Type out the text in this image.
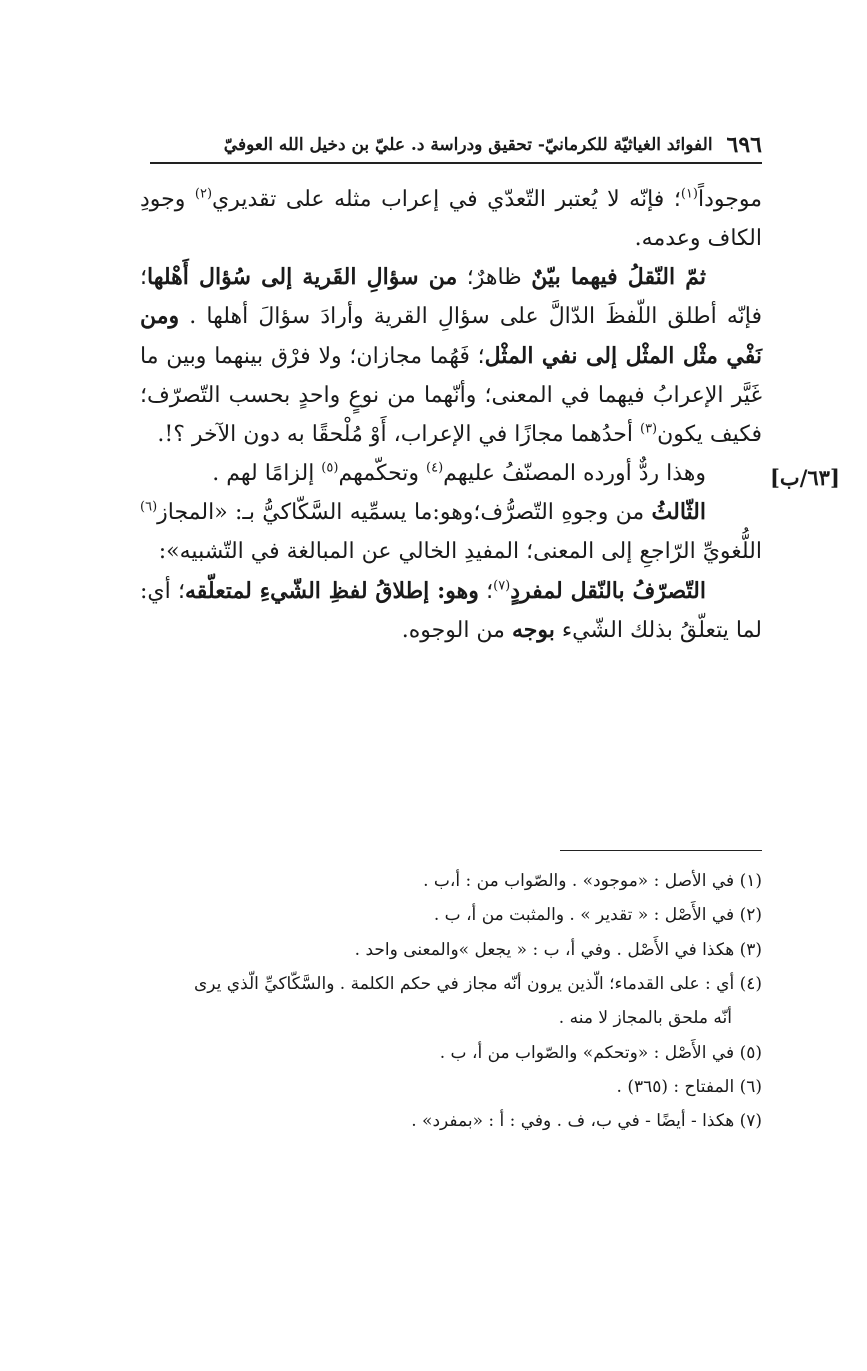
٦٩٦
الفوائد الغياثيّة للكرمانيّ- تحقيق ودراسة د. عليّ بن دخيل الله العوفيّ
[٦٣/ب]

موجوداً$^{(١)}$؛ فإنّه لا يُعتبر التّعدّي في إعراب مثله على تقديري$^{(٢)}$ وجودِ الكاف وعدمه.

ثمّ النّقلُ فيهما بيّنٌ ظاهرٌ؛ من سؤالِ القَرية إلى سُؤال أَهْلها؛ فإنّه أطلق اللّفظَ الدّالَّ على سؤالِ القرية وأرادَ سؤالَ أهلها . ومن نَفْي مثْل المثْل إلى نفي المثْل؛ فَهُما مجازان؛ ولا فرْق بينهما وبين ما غَيَّر الإعرابُ فيهما في المعنى؛ وأنّهما من نوعٍ واحدٍ بحسب التّصرّف؛ فكيف يكون$^{(٣)}$ أحدُهما مجازًا في الإعراب، أَوْ مُلْحقًا به دون الآخر ؟!.

وهذا ردٌّ أورده المصنّفُ عليهم$^{(٤)}$ وتحكّمهم$^{(٥)}$ إلزامًا لهم .

الثّالثُ من وجوهِ التّصرُّف؛وهو:ما يسمِّيه السَّكّاكيُّ بـ: «المجاز$^{(٦)}$ اللُّغويِّ الرّاجعِ إلى المعنى؛ المفيدِ الخالي عن المبالغة في التّشبيه»:

التّصرّفُ بالنّقل لمفردٍ$^{(٧)}$؛ وهو: إطلاقُ لفظِ الشّيءِ لمتعلّقه؛ أي: لما يتعلّقُ بذلك الشّيء بوجه من الوجوه.

(١) في الأصل : «موجود» . والصّواب من : أ،ب .

(٢) في الأَصْل : « تقدير » . والمثبت من أ، ب .

(٣) هكذا في الأَصْل . وفي أ، ب : « يجعل »والمعنى واحد .

(٤) أي : على القدماء؛ الّذين يرون أنّه مجاز في حكم الكلمة . والسَّكّاكيِّ الّذي يرى

أنّه ملحق بالمجاز لا منه .

(٥) في الأَصْل : «وتحكم» والصّواب من أ، ب .

(٦) المفتاح : (٣٦٥) .

(٧) هكذا - أيضًا - في ب، ف . وفي : أ : «بمفرد» .
